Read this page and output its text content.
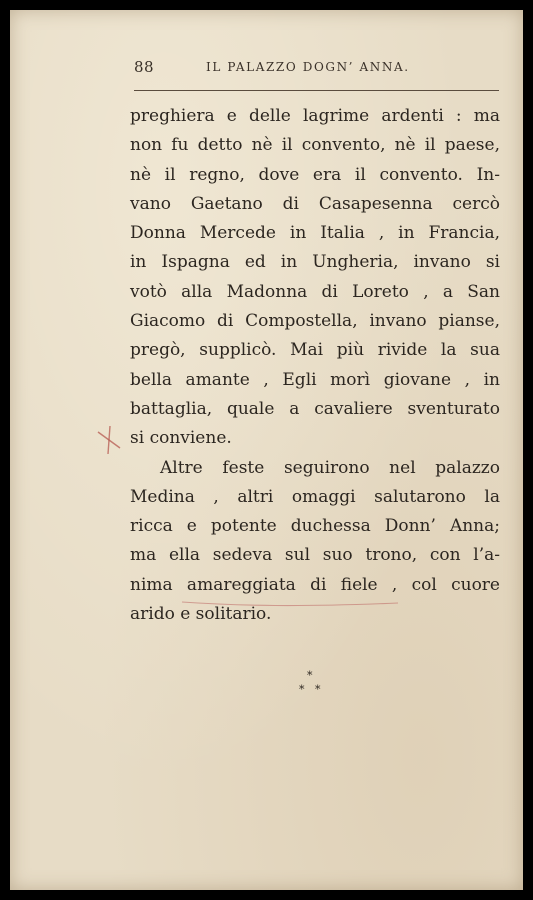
88	IL PALAZZO DOGN’ ANNA.
preghiera e delle lagrime ardenti : ma
non fu detto nè il convento, nè il paese,
nè il regno, dove era il convento. In-
vano Gaetano di Casapesenna cercò
Donna Mercede in Italia , in Francia,
in Ispagna ed in Ungheria, invano si
votò alla Madonna di Loreto , a San
Giacomo di Compostella, invano pianse,
pregò, supplicò. Mai più rivide la sua
bella amante , Egli morì giovane , in
battaglia, quale a cavaliere sventurato
si conviene.
Altre feste seguirono nel palazzo
Medina , altri omaggi salutarono la
ricca e potente duchessa Donn’ Anna;
ma ella sedeva sul suo trono, con l’a-
nima amareggiata di fiele , col cuore
arido e solitario.
*
* *
